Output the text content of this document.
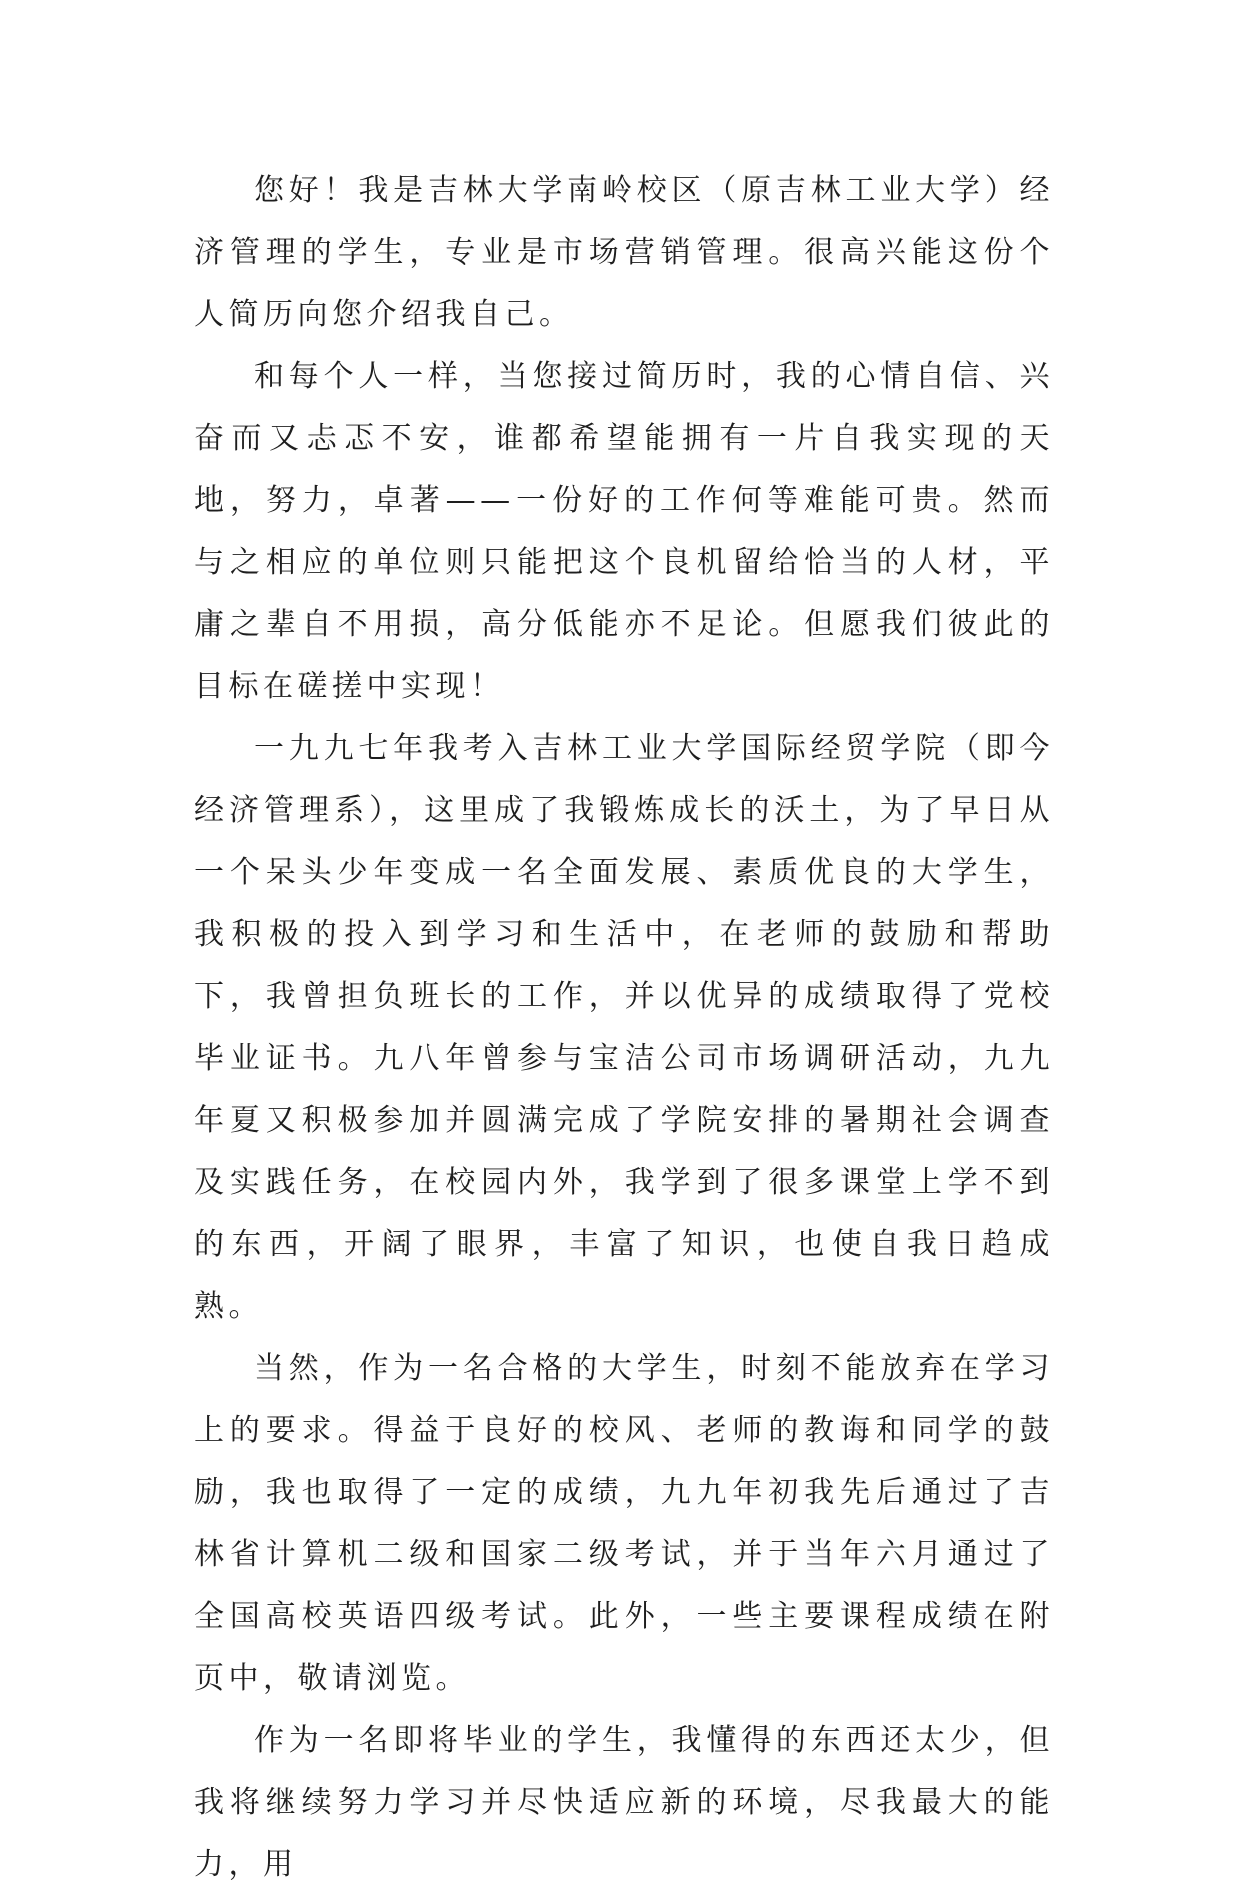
您好！我是吉林大学南岭校区（原吉林工业大学）经济管理的学生，专业是市场营销管理。很高兴能这份个人简历向您介绍我自己。

和每个人一样，当您接过简历时，我的心情自信、兴奋而又忐忑不安，谁都希望能拥有一片自我实现的天地，努力，卓著——一份好的工作何等难能可贵。然而与之相应的单位则只能把这个良机留给恰当的人材，平庸之辈自不用损，高分低能亦不足论。但愿我们彼此的目标在磋搓中实现！

一九九七年我考入吉林工业大学国际经贸学院（即今经济管理系），这里成了我锻炼成长的沃土，为了早日从一个呆头少年变成一名全面发展、素质优良的大学生，我积极的投入到学习和生活中，在老师的鼓励和帮助下，我曾担负班长的工作，并以优异的成绩取得了党校毕业证书。九八年曾参与宝洁公司市场调研活动，九九年夏又积极参加并圆满完成了学院安排的暑期社会调查及实践任务，在校园内外，我学到了很多课堂上学不到的东西，开阔了眼界，丰富了知识，也使自我日趋成熟。

当然，作为一名合格的大学生，时刻不能放弃在学习上的要求。得益于良好的校风、老师的教诲和同学的鼓励，我也取得了一定的成绩，九九年初我先后通过了吉林省计算机二级和国家二级考试，并于当年六月通过了全国高校英语四级考试。此外，一些主要课程成绩在附页中，敬请浏览。

作为一名即将毕业的学生，我懂得的东西还太少，但我将继续努力学习并尽快适应新的环境，尽我最大的能力，用
